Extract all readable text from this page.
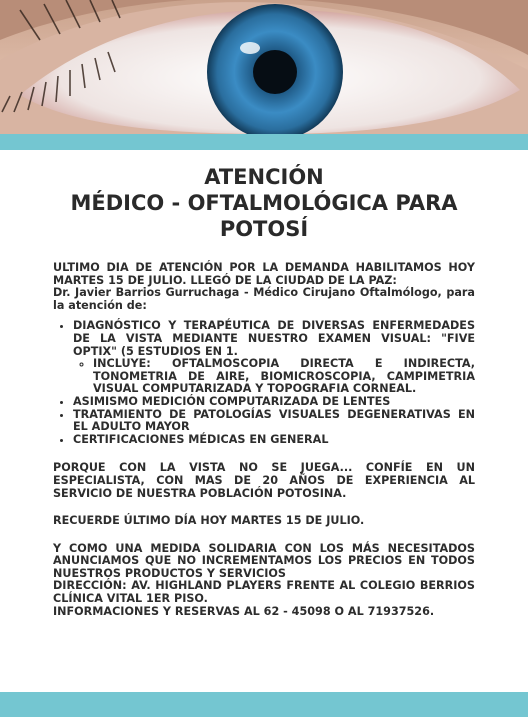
ATENCIÓN
MÉDICO - OFTALMOLÓGICA PARA
POTOSÍ

ULTIMO DIA DE ATENCIÓN POR LA DEMANDA HABILITAMOS HOY MARTES 15 DE JULIO. LLEGÓ DE LA CIUDAD DE LA PAZ:

Dr. Javier Barrios Gurruchaga - Médico Cirujano Oftalmólogo, para la atención de:

• DIAGNÓSTICO Y TERAPÉUTICA DE DIVERSAS ENFERMEDADES DE LA VISTA MEDIANTE NUESTRO EXAMEN VISUAL: "FIVE OPTIX" (5 ESTUDIOS EN 1.
◦ INCLUYE: OFTALMOSCOPIA DIRECTA E INDIRECTA, TONOMETRIA DE AIRE, BIOMICROSCOPIA, CAMPIMETRIA VISUAL COMPUTARIZADA Y TOPOGRAFIA CORNEAL.
• ASIMISMO MEDICIÓN COMPUTARIZADA DE LENTES
• TRATAMIENTO DE PATOLOGÍAS VISUALES DEGENERATIVAS EN EL ADULTO MAYOR
• CERTIFICACIONES MÉDICAS EN GENERAL

PORQUE CON LA VISTA NO SE JUEGA... CONFÍE EN UN ESPECIALISTA, CON MAS DE 20 AÑOS DE EXPERIENCIA AL SERVICIO DE NUESTRA POBLACIÓN POTOSINA.

RECUERDE ÚLTIMO DÍA HOY MARTES 15 DE JULIO.

Y COMO UNA MEDIDA SOLIDARIA CON LOS MÁS NECESITADOS ANUNCIAMOS QUE NO INCREMENTAMOS LOS PRECIOS EN TODOS NUESTROS PRODUCTOS Y SERVICIOS

DIRECCIÓN: AV. HIGHLAND PLAYERS FRENTE AL COLEGIO BERRIOS CLÍNICA VITAL 1ER PISO.

INFORMACIONES Y RESERVAS AL 62 - 45098 O AL 71937526.
